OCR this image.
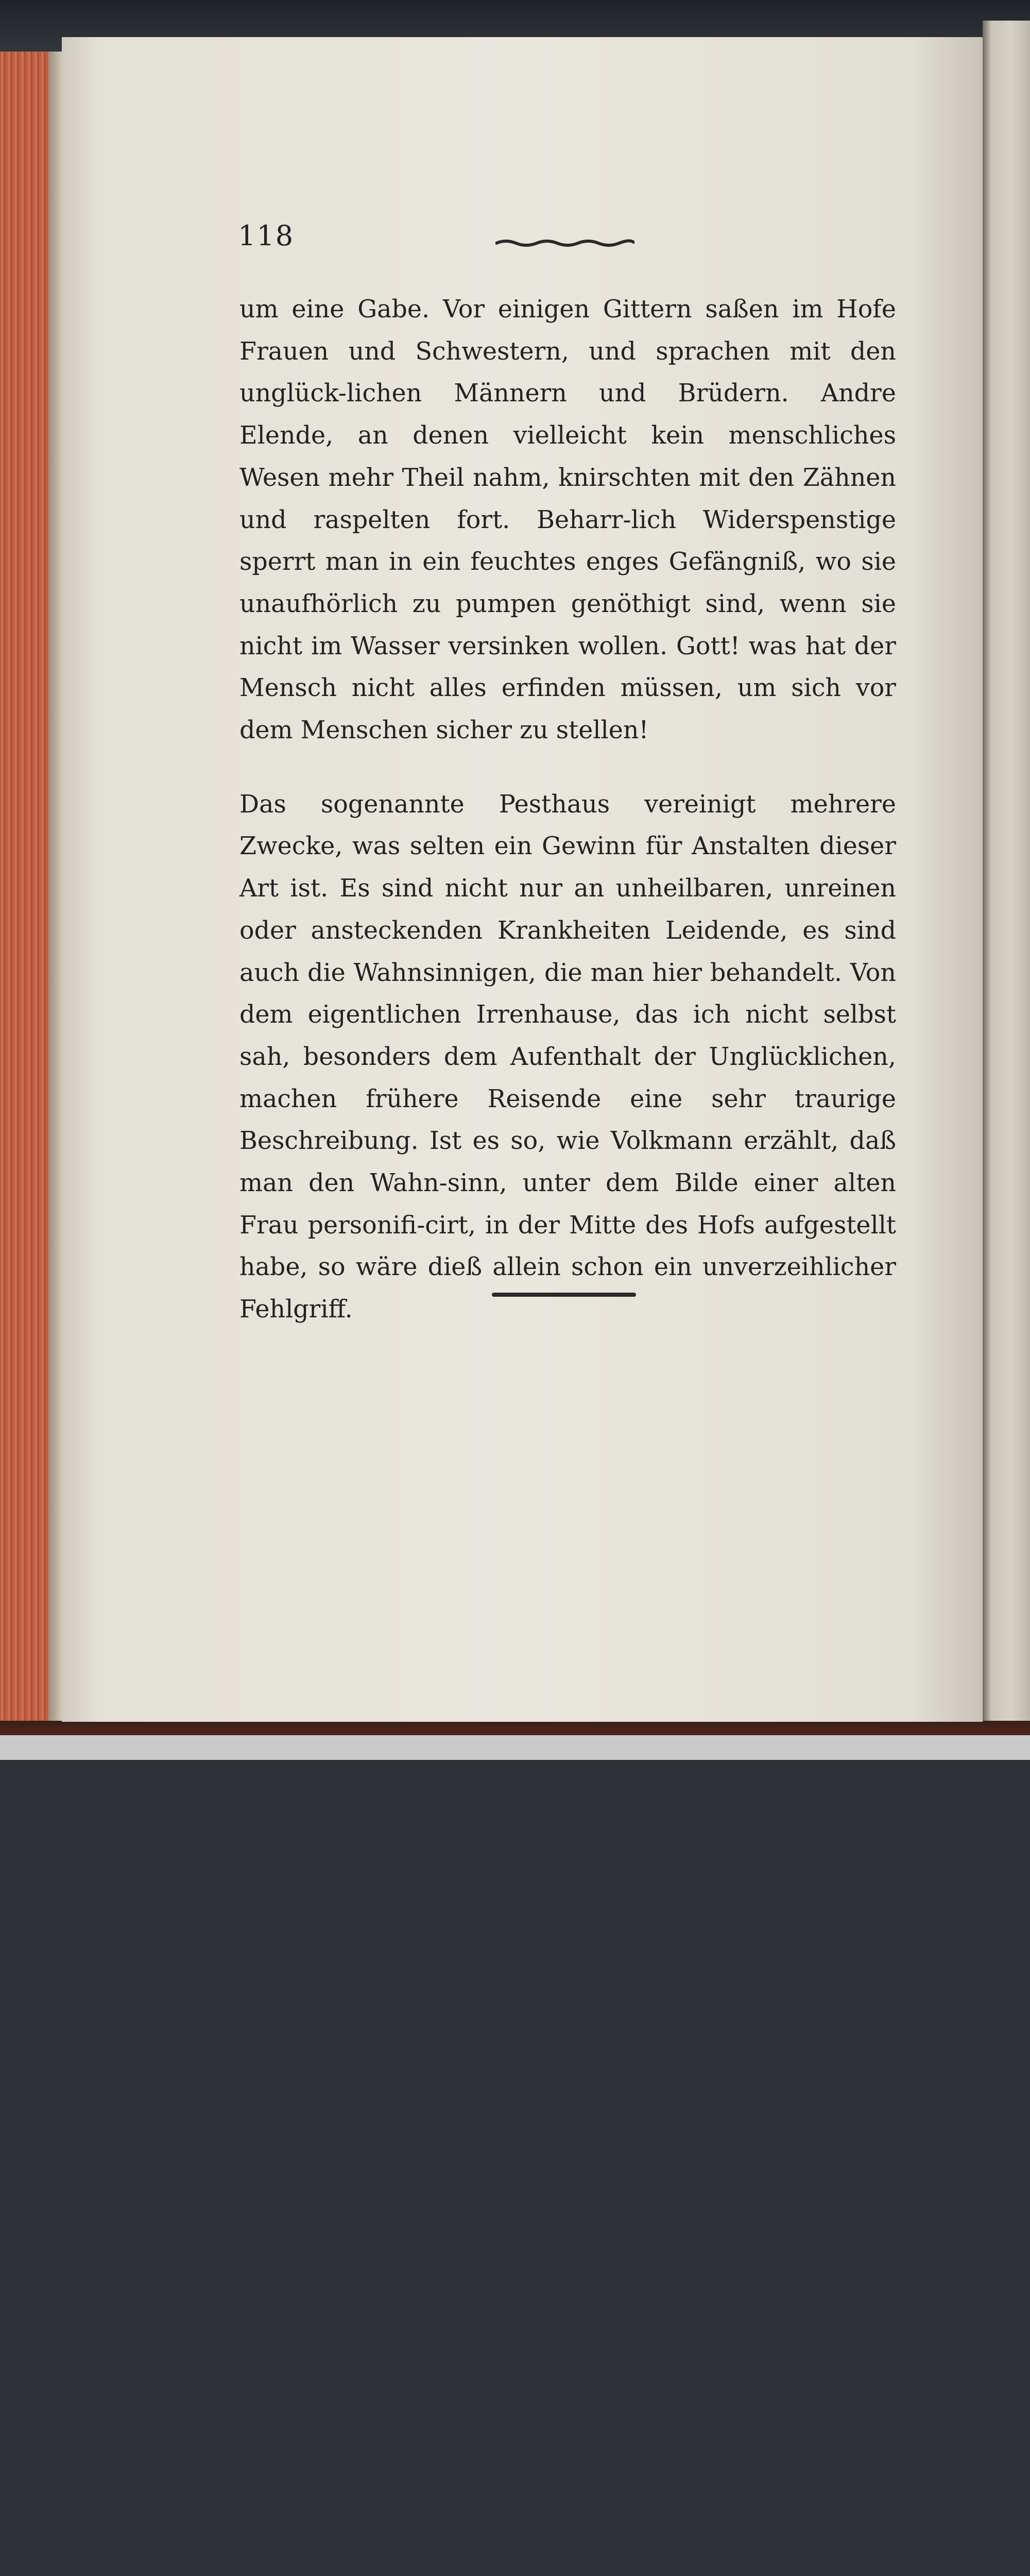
118

um eine Gabe. Vor einigen Gittern saßen im Hofe Frauen und Schwestern, und sprachen mit den unglück-lichen Männern und Brüdern. Andre Elende, an denen vielleicht kein menschliches Wesen mehr Theil nahm, knirschten mit den Zähnen und raspelten fort. Beharr-lich Widerspenstige sperrt man in ein feuchtes enges Gefängniß, wo sie unaufhörlich zu pumpen genöthigt sind, wenn sie nicht im Wasser versinken wollen. Gott! was hat der Mensch nicht alles erfinden müssen, um sich vor dem Menschen sicher zu stellen!

Das sogenannte Pesthaus vereinigt mehrere Zwecke, was selten ein Gewinn für Anstalten dieser Art ist. Es sind nicht nur an unheilbaren, unreinen oder ansteckenden Krankheiten Leidende, es sind auch die Wahnsinnigen, die man hier behandelt. Von dem eigentlichen Irrenhause, das ich nicht selbst sah, besonders dem Aufenthalt der Unglücklichen, machen frühere Reisende eine sehr traurige Beschreibung. Ist es so, wie Volkmann erzählt, daß man den Wahn-sinn, unter dem Bilde einer alten Frau personifi-cirt, in der Mitte des Hofs aufgestellt habe, so wäre dieß allein schon ein unverzeihlicher Fehlgriff.
